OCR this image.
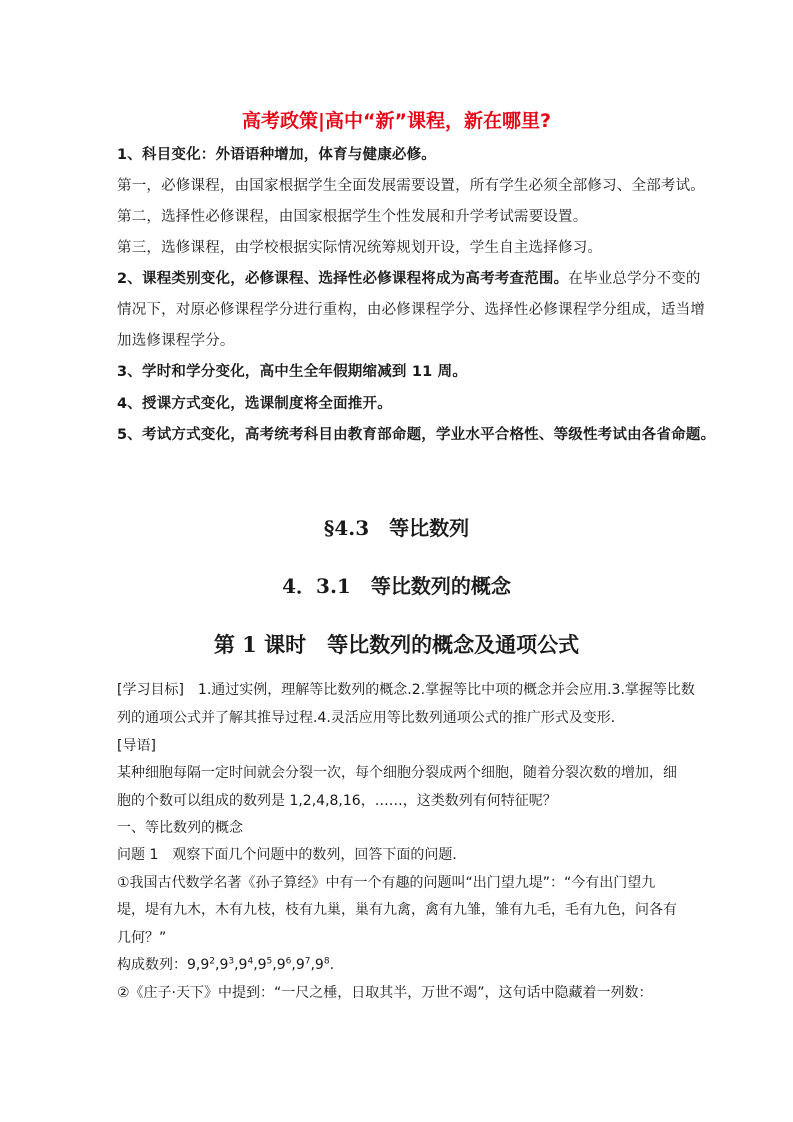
高考政策|高中“新”课程，新在哪里?
1、科目变化：外语语种增加，体育与健康必修。
第一，必修课程，由国家根据学生全面发展需要设置，所有学生必须全部修习、全部考试。
第二，选择性必修课程，由国家根据学生个性发展和升学考试需要设置。
第三，选修课程，由学校根据实际情况统筹规划开设，学生自主选择修习。
2、课程类别变化，必修课程、选择性必修课程将成为高考考查范围。在毕业总学分不变的
情况下，对原必修课程学分进行重构，由必修课程学分、选择性必修课程学分组成，适当增
加选修课程学分。
3、学时和学分变化，高中生全年假期缩减到 11 周。
4、授课方式变化，选课制度将全面推开。
5、考试方式变化，高考统考科目由教育部命题，学业水平合格性、等级性考试由各省命题。
§4.3　等比数列
4．3.1　等比数列的概念
第 1 课时　等比数列的概念及通项公式
[学习目标]　1.通过实例，理解等比数列的概念.2.掌握等比中项的概念并会应用.3.掌握等比数
列的通项公式并了解其推导过程.4.灵活应用等比数列通项公式的推广形式及变形．
[导语]
某种细胞每隔一定时间就会分裂一次，每个细胞分裂成两个细胞，随着分裂次数的增加，细
胞的个数可以组成的数列是 1,2,4,8,16，……，这类数列有何特征呢？
一、等比数列的概念
问题 1　观察下面几个问题中的数列，回答下面的问题．
①我国古代数学名著《孙子算经》中有一个有趣的问题叫“出门望九堤”：“今有出门望九
堤，堤有九木，木有九枝，枝有九巢，巢有九禽，禽有九雏，雏有九毛，毛有九色，问各有
几何？”
构成数列：$9,9^2,9^3,9^4,9^5,9^6,9^7,9^8$.
②《庄子·天下》中提到：“一尺之棰，日取其半，万世不竭”，这句话中隐藏着一列数：
